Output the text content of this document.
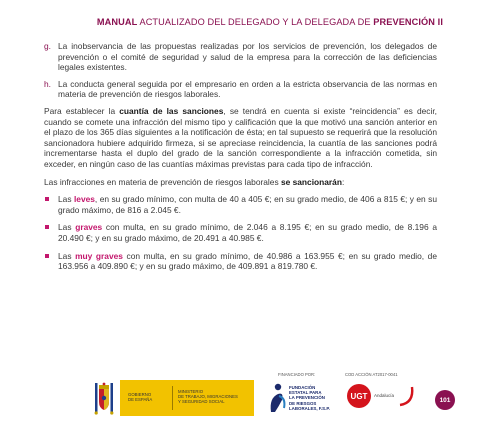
MANUAL ACTUALIZADO DEL DELEGADO Y LA DELEGADA DE PREVENCIÓN II
g. La inobservancia de las propuestas realizadas por los servicios de prevención, los delegados de prevención o el comité de seguridad y salud de la empresa para la corrección de las deficiencias legales existentes.
h. La conducta general seguida por el empresario en orden a la estricta observancia de las normas en materia de prevención de riesgos laborales.

Para establecer la cuantía de las sanciones, se tendrá en cuenta si existe “reincidencia” es decir, cuando se comete una infracción del mismo tipo y calificación que la que motivó una sanción anterior en el plazo de los 365 días siguientes a la notificación de ésta; en tal supuesto se requerirá que la resolución sancionadora hubiere adquirido firmeza, si se apreciase reincidencia, la cuantía de las sanciones podrá incrementarse hasta el duplo del grado de la sanción correspondiente a la infracción cometida, sin exceder, en ningún caso de las cuantías máximas previstas para cada tipo de infracción.

Las infracciones en materia de prevención de riesgos laborales se sancionarán:

Las leves, en su grado mínimo, con multa de 40 a 405 €; en su grado medio, de 406 a 815 €; y en su grado máximo, de 816 a 2.045 €.
Las graves con multa, en su grado mínimo, de 2.046 a 8.195 €; en su grado medio, de 8.196 a 20.490 €; y en su grado máximo, de 20.491 a 40.985 €.
Las muy graves con multa, en su grado mínimo, de 40.986 a 163.955 €; en su grado medio, de 163.956 a 409.890 €; y en su grado máximo, de 409.891 a 819.780 €.
FINANCIADO POR:	COD ACCIÓN AT2017-0041
GOBIERNO
DE ESPAÑA
MINISTERIO
DE TRABAJO, MIGRACIONES
Y SEGURIDAD SOCIAL
FUNDACIÓN
ESTATAL PARA
LA PREVENCIÓN
DE RIESGOS
LABORALES, F.S.P.
UGT Andalucía
101
